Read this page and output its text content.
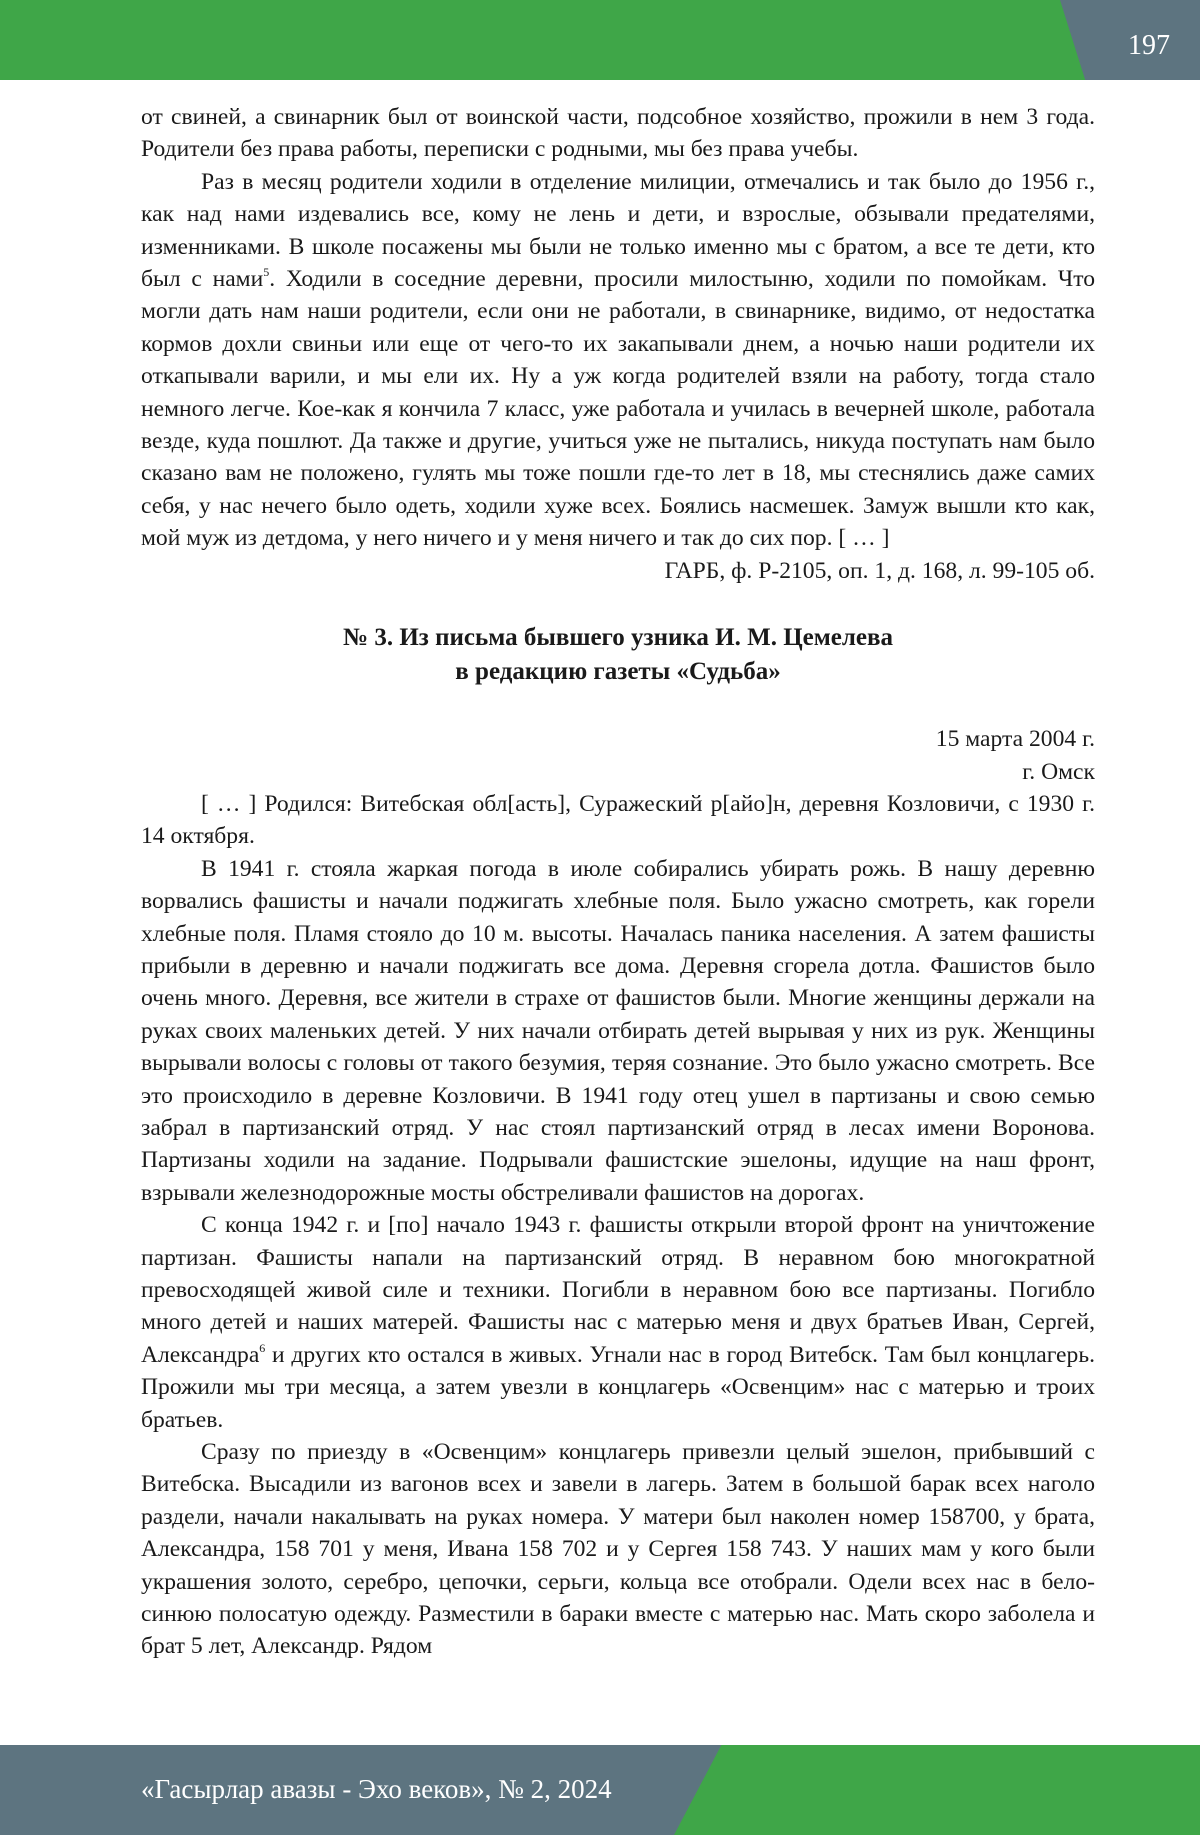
197

от свиней, а свинарник был от воинской части, подсобное хозяйство, прожили в нем 3 года. Родители без права работы, переписки с родными, мы без права учебы.

Раз в месяц родители ходили в отделение милиции, отмечались и так было до 1956 г., как над нами издевались все, кому не лень и дети, и взрослые, обзывали предателями, изменниками. В школе посажены мы были не только именно мы с братом, а все те дети, кто был с нами$^5$. Ходили в соседние деревни, просили милостыню, ходили по помойкам. Что могли дать нам наши родители, если они не работали, в свинарнике, видимо, от недостатка кормов дохли свиньи или еще от чего-то их закапывали днем, а ночью наши родители их откапывали варили, и мы ели их. Ну а уж когда родителей взяли на работу, тогда стало немного легче. Кое-как я кончила 7 класс, уже работала и училась в вечерней школе, работала везде, куда пошлют. Да также и другие, учиться уже не пытались, никуда поступать нам было сказано вам не положено, гулять мы тоже пошли где-то лет в 18, мы стеснялись даже самих себя, у нас нечего было одеть, ходили хуже всех. Боялись насмешек. Замуж вышли кто как, мой муж из детдома, у него ничего и у меня ничего и так до сих пор. [ … ]

ГАРБ, ф. Р-2105, оп. 1, д. 168, л. 99-105 об.

№ 3. Из письма бывшего узника И. М. Цемелева
в редакцию газеты «Судьба»

15 марта 2004 г.

г. Омск

[ … ] Родился: Витебская обл[асть], Суражеский р[айо]н, деревня Козловичи, с 1930 г. 14 октября.

В 1941 г. стояла жаркая погода в июле собирались убирать рожь. В нашу деревню ворвались фашисты и начали поджигать хлебные поля. Было ужасно смотреть, как горели хлебные поля. Пламя стояло до 10 м. высоты. Началась паника населения. А затем фашисты прибыли в деревню и начали поджигать все дома. Деревня сгорела дотла. Фашистов было очень много. Деревня, все жители в страхе от фашистов были. Многие женщины держали на руках своих маленьких детей. У них начали отбирать детей вырывая у них из рук. Женщины вырывали волосы с головы от такого безумия, теряя сознание. Это было ужасно смотреть. Все это происходило в деревне Козловичи. В 1941 году отец ушел в партизаны и свою семью забрал в партизанский отряд. У нас стоял партизанский отряд в лесах имени Воронова. Партизаны ходили на задание. Подрывали фашистские эшелоны, идущие на наш фронт, взрывали железнодорожные мосты обстреливали фашистов на дорогах.

С конца 1942 г. и [по] начало 1943 г. фашисты открыли второй фронт на уничтожение партизан. Фашисты напали на партизанский отряд. В неравном бою многократной превосходящей живой силе и техники. Погибли в неравном бою все партизаны. Погибло много детей и наших матерей. Фашисты нас с матерью меня и двух братьев Иван, Сергей, Александра$^6$ и других кто остался в живых. Угнали нас в город Витебск. Там был концлагерь. Прожили мы три месяца, а затем увезли в концлагерь «Освенцим» нас с матерью и троих братьев.

Сразу по приезду в «Освенцим» концлагерь привезли целый эшелон, прибывший с Витебска. Высадили из вагонов всех и завели в лагерь. Затем в большой барак всех наголо раздели, начали накалывать на руках номера. У матери был наколен номер 158700, у брата, Александра, 158 701 у меня, Ивана 158 702 и у Сергея 158 743. У наших мам у кого были украшения золото, серебро, цепочки, серьги, кольца все отобрали. Одели всех нас в бело-синюю полосатую одежду. Разместили в бараки вместе с матерью нас. Мать скоро заболела и брат 5 лет, Александр. Рядом

«Гасырлар авазы - Эхо веков», № 2, 2024
